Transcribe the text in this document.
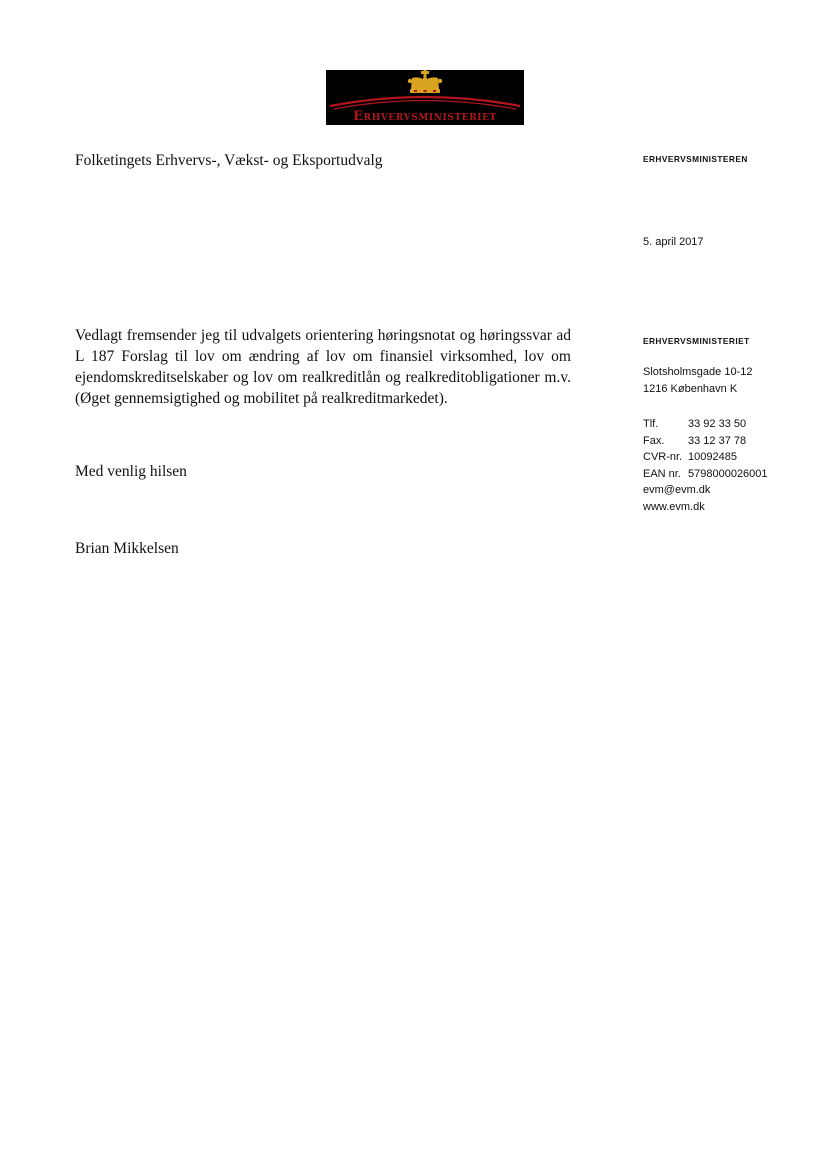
Erhvervsministeriet
Folketingets Erhvervs-, Vækst- og Eksportudvalg	ERHVERVSMINISTEREN
5. april 2017

Vedlagt fremsender jeg til udvalgets orientering høringsnotat og høringssvar ad L 187 Forslag til lov om ændring af lov om finansiel virksomhed, lov om ejendomskreditselskaber og lov om realkreditlån og realkreditobligationer m.v. (Øget gennemsigtighed og mobilitet på realkreditmarkedet).

Med venlig hilsen
Brian Mikkelsen
ERHVERVSMINISTERIET
Slotsholmsgade 10-12
1216 København K
Tlf.	33 92 33 50
Fax.	33 12 37 78
CVR-nr. 10092485
EAN nr. 5798000026001
evm@evm.dk
www.evm.dk
